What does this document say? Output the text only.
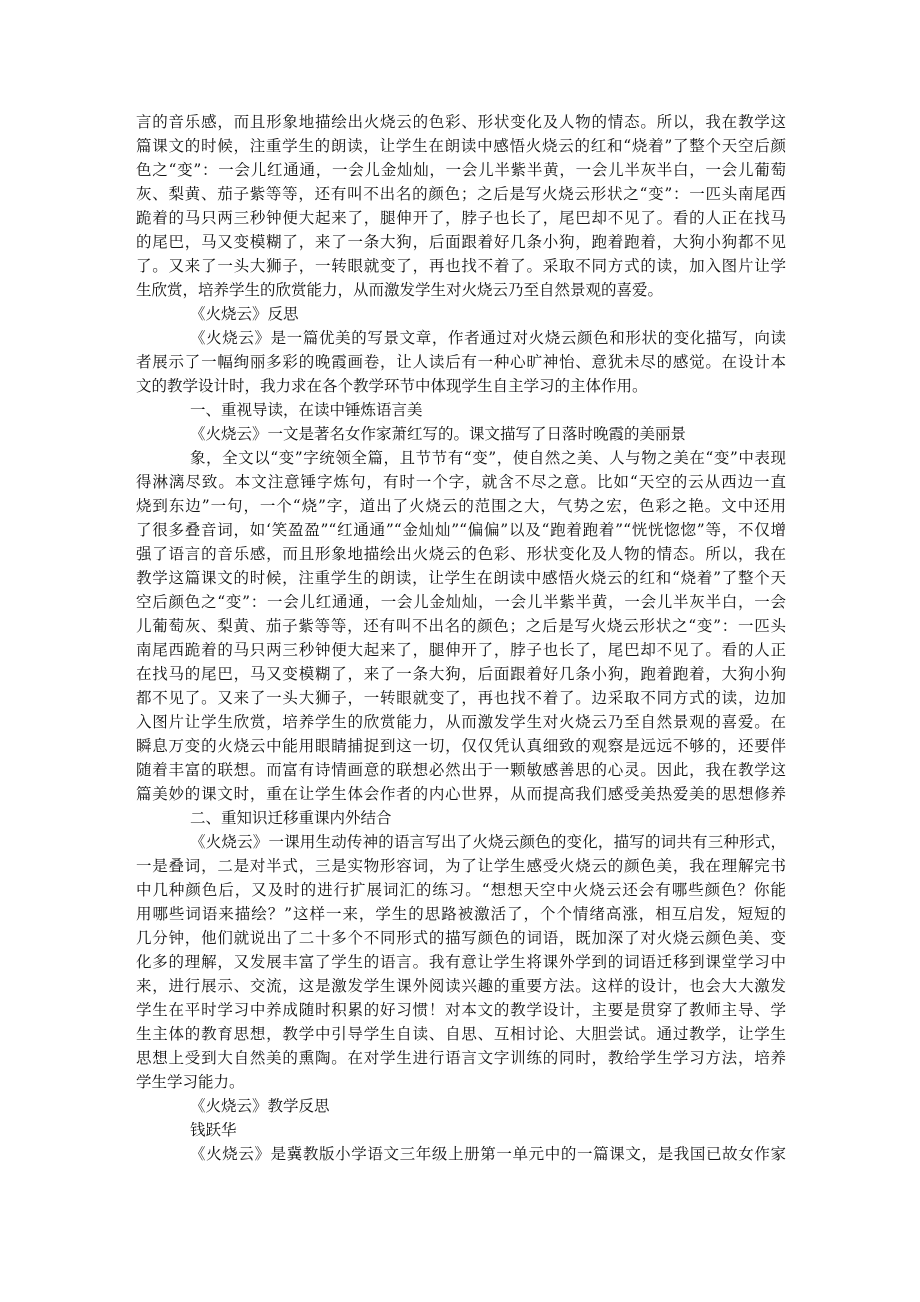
言的音乐感，而且形象地描绘出火烧云的色彩、形状变化及人物的情态。所以，我在教学这
篇课文的时候，注重学生的朗读，让学生在朗读中感悟火烧云的红和“烧着”了整个天空后颜
色之“变”：一会儿红通通，一会儿金灿灿，一会儿半紫半黄，一会儿半灰半白，一会儿葡萄
灰、梨黄、茄子紫等等，还有叫不出名的颜色；之后是写火烧云形状之“变”：一匹头南尾西
跪着的马只两三秒钟便大起来了，腿伸开了，脖子也长了，尾巴却不见了。看的人正在找马
的尾巴，马又变模糊了，来了一条大狗，后面跟着好几条小狗，跑着跑着，大狗小狗都不见
了。又来了一头大狮子，一转眼就变了，再也找不着了。采取不同方式的读，加入图片让学
生欣赏，培养学生的欣赏能力，从而激发学生对火烧云乃至自然景观的喜爱。
《火烧云》反思
《火烧云》是一篇优美的写景文章，作者通过对火烧云颜色和形状的变化描写，向读
者展示了一幅绚丽多彩的晚霞画卷，让人读后有一种心旷神怡、意犹未尽的感觉。在设计本
文的教学设计时，我力求在各个教学环节中体现学生自主学习的主体作用。
一、重视导读，在读中锤炼语言美
《火烧云》一文是著名女作家萧红写的。课文描写了日落时晚霞的美丽景
象，全文以“变”字统领全篇，且节节有“变”，使自然之美、人与物之美在“变”中表现
得淋漓尽致。本文注意锤字炼句，有时一个字，就含不尽之意。比如“天空的云从西边一直
烧到东边”一句，一个“烧”字，道出了火烧云的范围之大，气势之宏，色彩之艳。文中还用
了很多叠音词，如‘笑盈盈”“红通通”“金灿灿”“偏偏”以及“跑着跑着”“恍恍惚惚”等，不仅增
强了语言的音乐感，而且形象地描绘出火烧云的色彩、形状变化及人物的情态。所以，我在
教学这篇课文的时候，注重学生的朗读，让学生在朗读中感悟火烧云的红和“烧着”了整个天
空后颜色之“变”：一会儿红通通，一会儿金灿灿，一会儿半紫半黄，一会儿半灰半白，一会
儿葡萄灰、梨黄、茄子紫等等，还有叫不出名的颜色；之后是写火烧云形状之“变”：一匹头
南尾西跪着的马只两三秒钟便大起来了，腿伸开了，脖子也长了，尾巴却不见了。看的人正
在找马的尾巴，马又变模糊了，来了一条大狗，后面跟着好几条小狗，跑着跑着，大狗小狗
都不见了。又来了一头大狮子，一转眼就变了，再也找不着了。边采取不同方式的读，边加
入图片让学生欣赏，培养学生的欣赏能力，从而激发学生对火烧云乃至自然景观的喜爱。在
瞬息万变的火烧云中能用眼睛捕捉到这一切，仅仅凭认真细致的观察是远远不够的，还要伴
随着丰富的联想。而富有诗情画意的联想必然出于一颗敏感善思的心灵。因此，我在教学这
篇美妙的课文时，重在让学生体会作者的内心世界，从而提高我们感受美热爱美的思想修养
二、重知识迁移重课内外结合
《火烧云》一课用生动传神的语言写出了火烧云颜色的变化，描写的词共有三种形式，
一是叠词，二是对半式，三是实物形容词，为了让学生感受火烧云的颜色美，我在理解完书
中几种颜色后，又及时的进行扩展词汇的练习。“想想天空中火烧云还会有哪些颜色？你能
用哪些词语来描绘？”这样一来，学生的思路被激活了，个个情绪高涨，相互启发，短短的
几分钟，他们就说出了二十多个不同形式的描写颜色的词语，既加深了对火烧云颜色美、变
化多的理解，又发展丰富了学生的语言。我有意让学生将课外学到的词语迁移到课堂学习中
来，进行展示、交流，这是激发学生课外阅读兴趣的重要方法。这样的设计，也会大大激发
学生在平时学习中养成随时积累的好习惯！对本文的教学设计，主要是贯穿了教师主导、学
生主体的教育思想，教学中引导学生自读、自思、互相讨论、大胆尝试。通过教学，让学生
思想上受到大自然美的熏陶。在对学生进行语言文字训练的同时，教给学生学习方法，培养
学生学习能力。
《火烧云》教学反思
钱跃华
《火烧云》是冀教版小学语文三年级上册第一单元中的一篇课文，是我国已故女作家
